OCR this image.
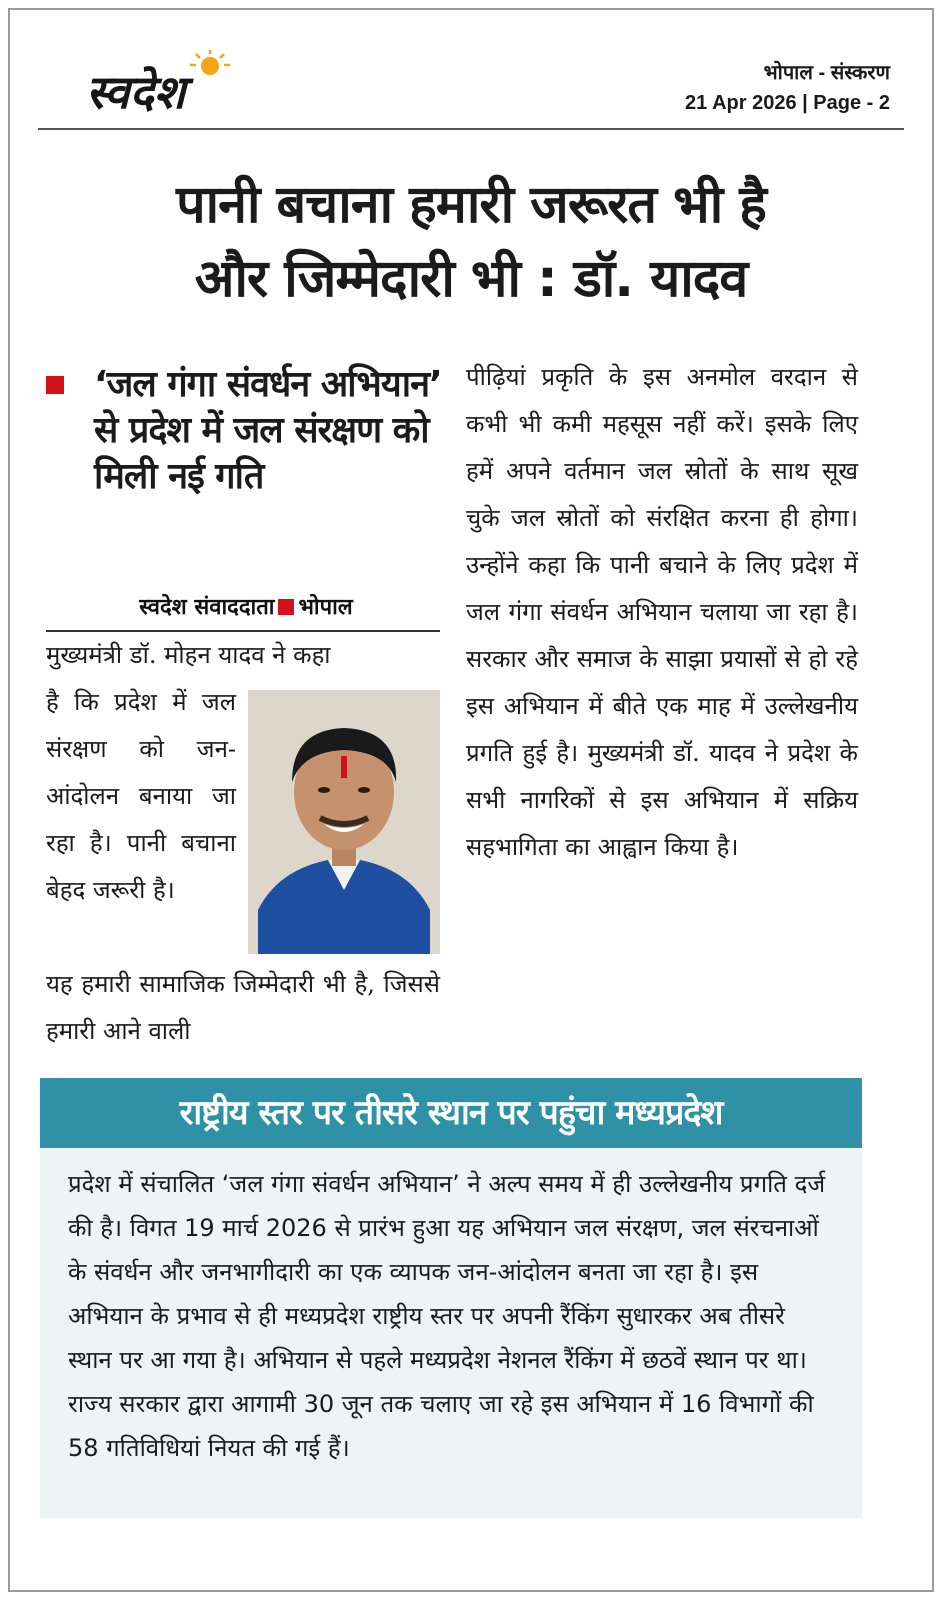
स्वदेश	भोपाल - संस्करण
21 Apr 2026 | Page - 2
पानी बचाना हमारी जरूरत भी है
और जिम्मेदारी भी : डॉ. यादव
‘जल गंगा संवर्धन अभियान’ से प्रदेश में जल संरक्षण को मिली नई गति
स्वदेश संवाददाता भोपाल
मुख्यमंत्री डॉ. मोहन यादव ने कहा
है कि प्रदेश में जल संरक्षण को जन-आंदोलन बनाया जा रहा है। पानी बचाना बेहद जरूरी है।
यह हमारी सामाजिक जिम्मेदारी भी है, जिससे हमारी आने वाली
पीढ़ियां प्रकृति के इस अनमोल वरदान से कभी भी कमी महसूस नहीं करें। इसके लिए हमें अपने वर्तमान जल स्रोतों के साथ सूख चुके जल स्रोतों को संरक्षित करना ही होगा। उन्होंने कहा कि पानी बचाने के लिए प्रदेश में जल गंगा संवर्धन अभियान चलाया जा रहा है। सरकार और समाज के साझा प्रयासों से हो रहे इस अभियान में बीते एक माह में उल्लेखनीय प्रगति हुई है। मुख्यमंत्री डॉ. यादव ने प्रदेश के सभी नागरिकों से इस अभियान में सक्रिय सहभागिता का आह्वान किया है।
राष्ट्रीय स्तर पर तीसरे स्थान पर पहुंचा मध्यप्रदेश
प्रदेश में संचालित ‘जल गंगा संवर्धन अभियान’ ने अल्प समय में ही उल्लेखनीय प्रगति दर्ज की है। विगत 19 मार्च 2026 से प्रारंभ हुआ यह अभियान जल संरक्षण, जल संरचनाओं के संवर्धन और जनभागीदारी का एक व्यापक जन-आंदोलन बनता जा रहा है। इस अभियान के प्रभाव से ही मध्यप्रदेश राष्ट्रीय स्तर पर अपनी रैंकिंग सुधारकर अब तीसरे स्थान पर आ गया है। अभियान से पहले मध्यप्रदेश नेशनल रैंकिंग में छठवें स्थान पर था। राज्य सरकार द्वारा आगामी 30 जून तक चलाए जा रहे इस अभियान में 16 विभागों की 58 गतिविधियां नियत की गई हैं।
